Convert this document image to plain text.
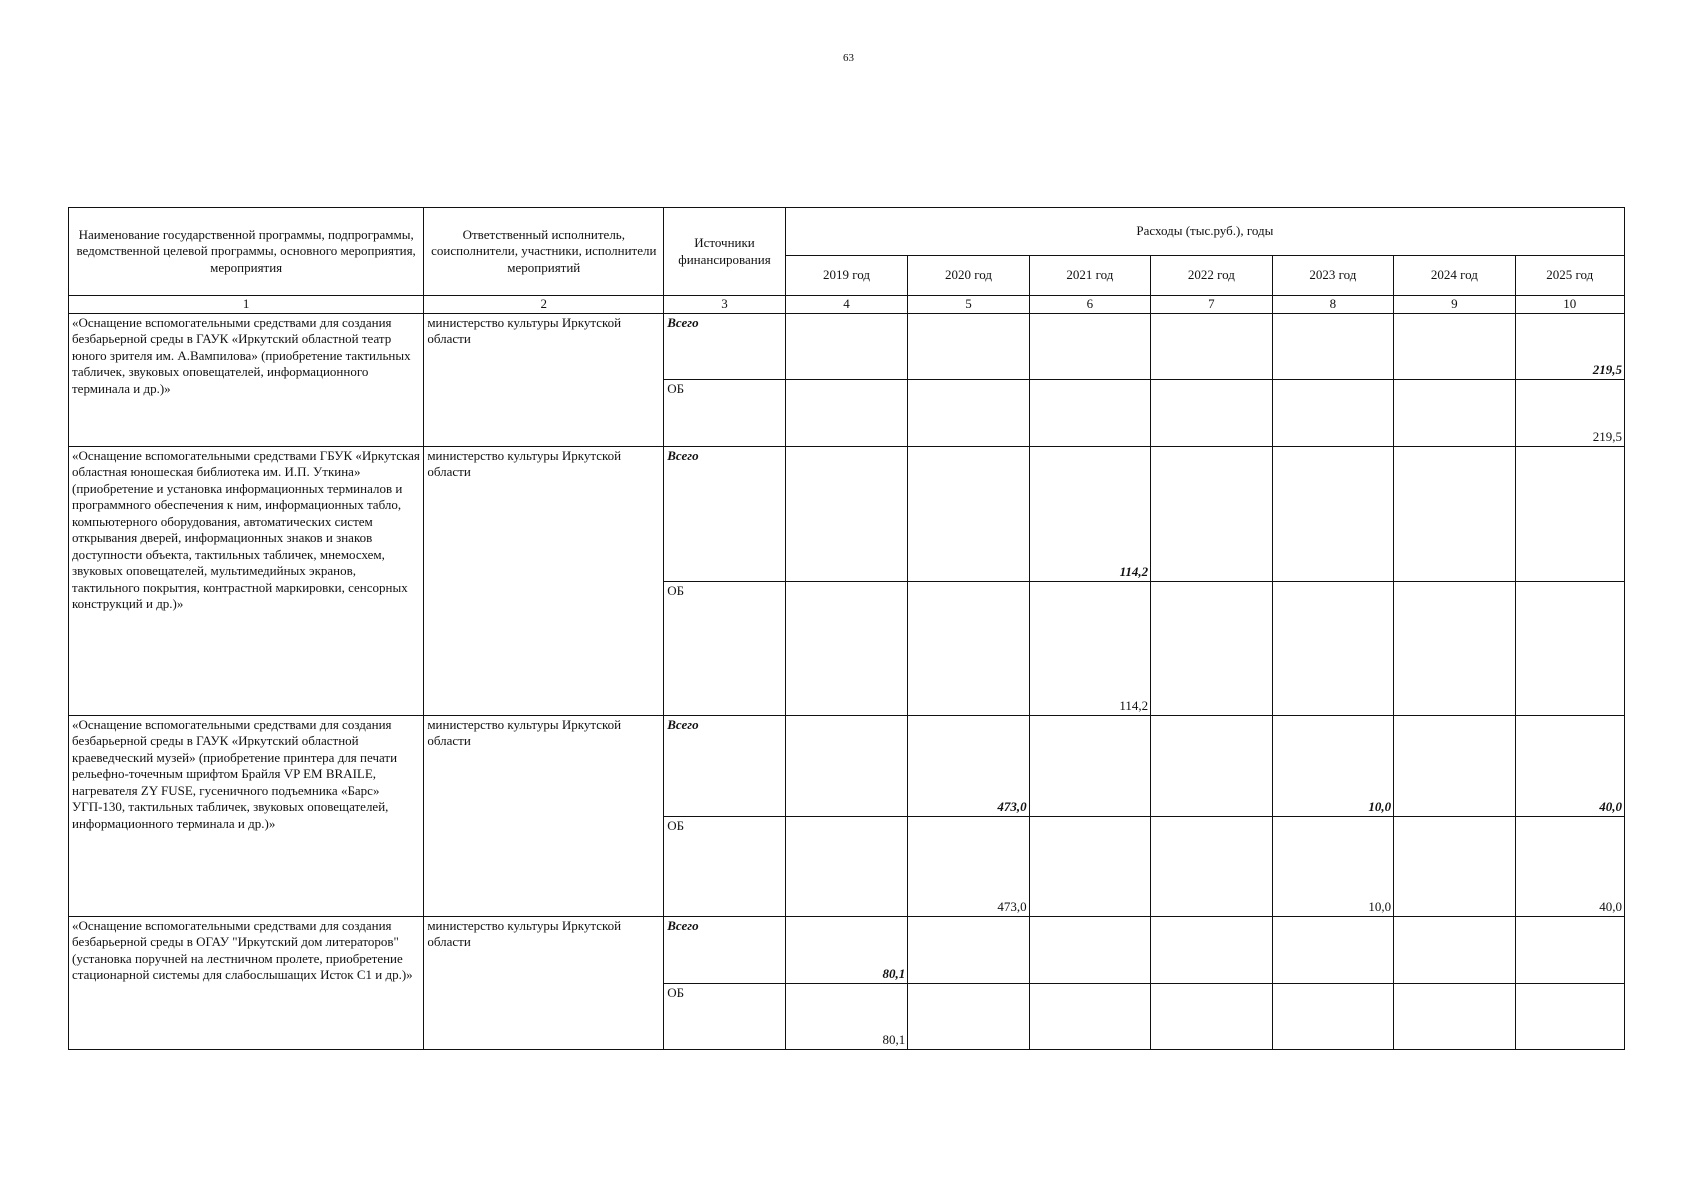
63
Наименование государственной программы, подпрограммы, ведомственной целевой программы, основного мероприятия, мероприятия	Ответственный исполнитель, соисполнители, участники, исполнители мероприятий	Источники финансирования	Расходы (тыс.руб.), годы						
			2019 год	2020 год	2021 год	2022 год	2023 год	2024 год	2025 год
1	2	3	4	5	6	7	8	9	10
«Оснащение вспомогательными средствами для создания безбарьерной среды в ГАУК «Иркутский областной театр юного зрителя им. А.Вампилова» (приобретение тактильных табличек, звуковых оповещателей, информационного терминала и др.)»	министерство культуры Иркутской области	Всего							219,5
		ОБ							219,5
«Оснащение вспомогательными средствами ГБУК «Иркутская областная юношеская библиотека им. И.П. Уткина» (приобретение и установка информационных терминалов и программного обеспечения к ним, информационных табло, компьютерного оборудования, автоматических систем открывания дверей, информационных знаков и знаков доступности объекта, тактильных табличек, мнемосхем, звуковых оповещателей, мультимедийных экранов, тактильного покрытия, контрастной маркировки, сенсорных конструкций и др.)»	министерство культуры Иркутской области	Всего			114,2				
		ОБ			114,2				
«Оснащение вспомогательными средствами для создания безбарьерной среды в ГАУК «Иркутский областной краеведческий музей» (приобретение принтера для печати рельефно-точечным шрифтом Брайля VP EM BRAILE, нагревателя ZY FUSE, гусеничного подъемника «Барс» УГП-130, тактильных табличек, звуковых оповещателей, информационного терминала и др.)»	министерство культуры Иркутской области	Всего		473,0			10,0		40,0
		ОБ		473,0			10,0		40,0
«Оснащение вспомогательными средствами для создания безбарьерной среды в ОГАУ "Иркутский дом литераторов" (установка поручней на лестничном пролете, приобретение стационарной системы для слабослышащих Исток С1 и др.)»	министерство культуры Иркутской области	Всего	80,1						
		ОБ	80,1						
